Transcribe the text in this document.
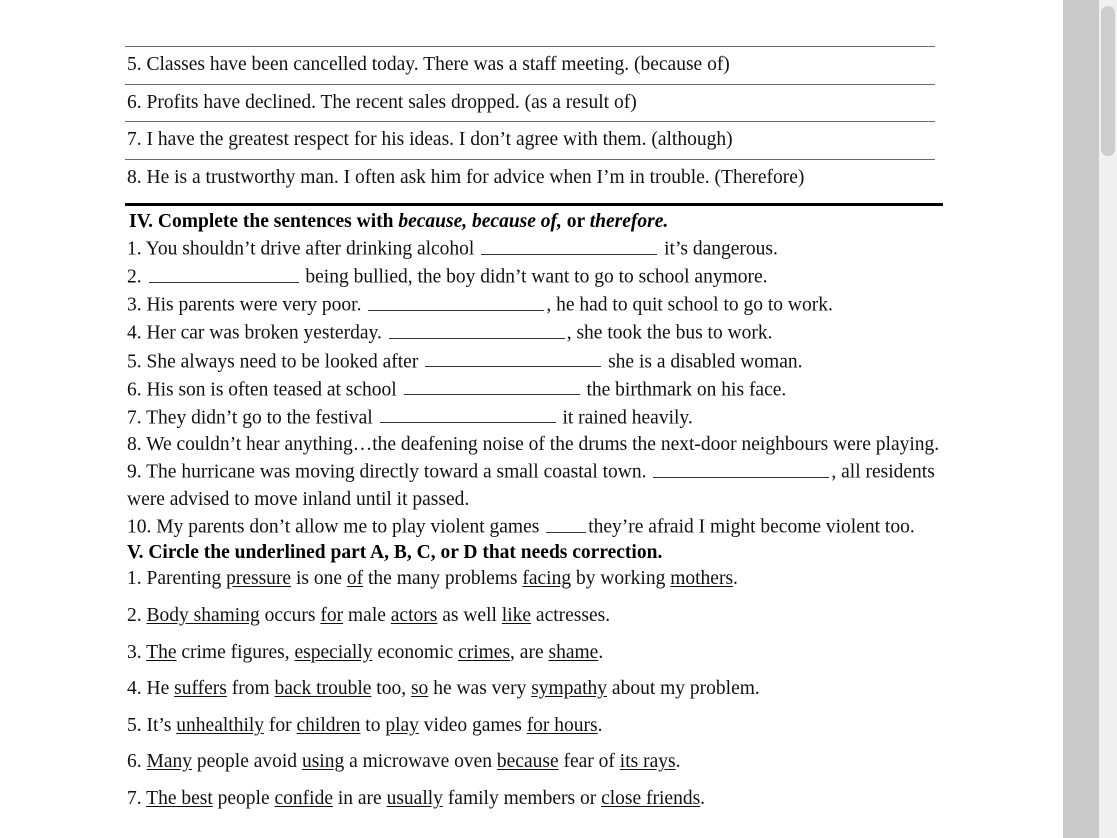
5. Classes have been cancelled today. There was a staff meeting. (because of)
6. Profits have declined. The recent sales dropped. (as a result of)
7. I have the greatest respect for his ideas. I don’t agree with them. (although)
8. He is a trustworthy man. I often ask him for advice when I’m in trouble. (Therefore)
IV. Complete the sentences with because, because of, or therefore.
1. You shouldn’t drive after drinking alcohol	it’s dangerous.
2.	being bullied, the boy didn’t want to go to school anymore.
3. His parents were very poor.	, he had to quit school to go to work.
4. Her car was broken yesterday.	, she took the bus to work.
5. She always need to be looked after	she is a disabled woman.
6. His son is often teased at school	the birthmark on his face.
7. They didn’t go to the festival	it rained heavily.
8. We couldn’t hear anything…the deafening noise of the drums the next-door neighbours were playing.
9. The hurricane was moving directly toward a small coastal town.	, all residents were advised to move inland until it passed.
10. My parents don’t allow me to play violent games they’re afraid I might become violent too.
V. Circle the underlined part A, B, C, or D that needs correction.
1. Parenting pressure is one of the many problems facing by working mothers.
2. Body shaming occurs for male actors as well like actresses.
3. The crime figures, especially economic crimes, are shame.
4. He suffers from back trouble too, so he was very sympathy about my problem.
5. It’s unhealthily for children to play video games for hours.
6. Many people avoid using a microwave oven because fear of its rays.
7. The best people confide in are usually family members or close friends.
